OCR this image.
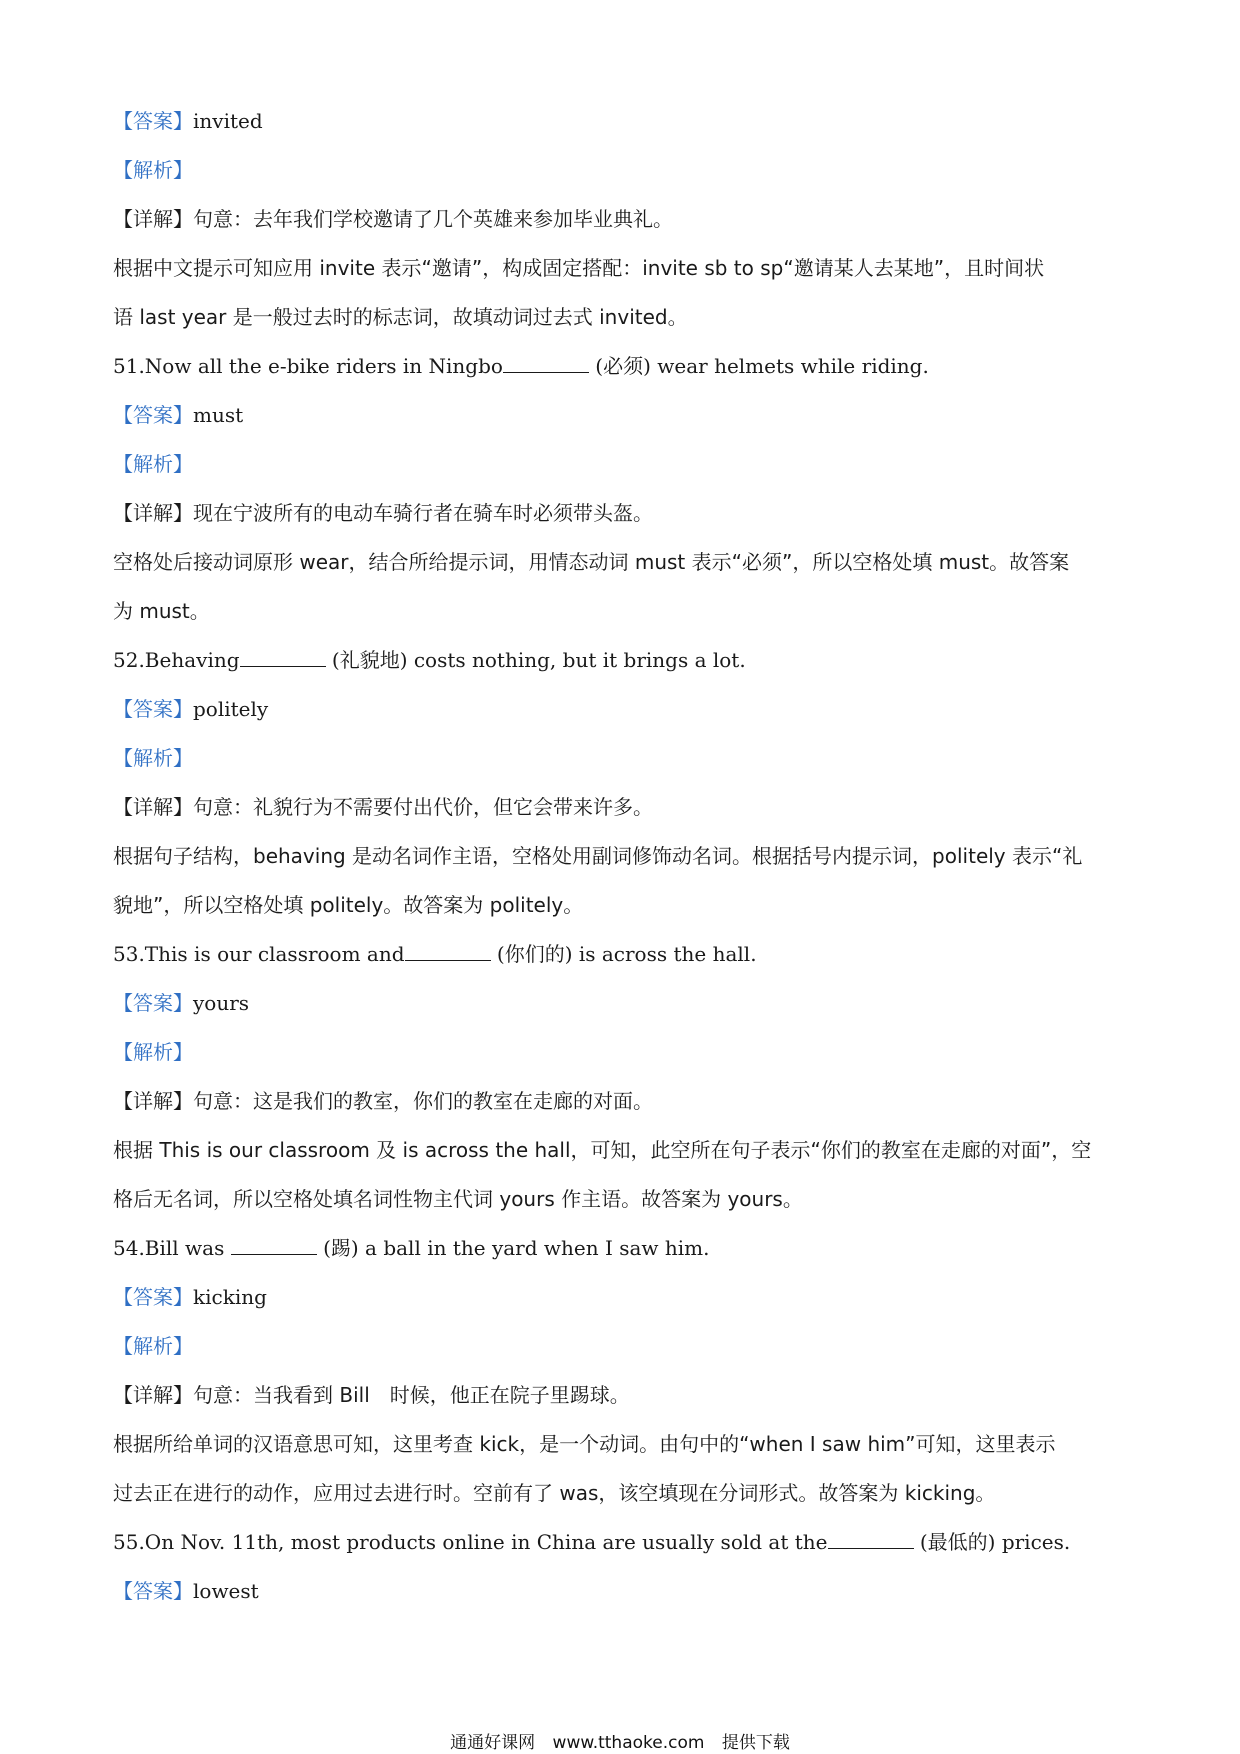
【答案】invited
【解析】
【详解】句意：去年我们学校邀请了几个英雄来参加毕业典礼。
根据中文提示可知应用 invite 表示“邀请”，构成固定搭配：invite sb to sp“邀请某人去某地”，且时间状
语 last year 是一般过去时的标志词，故填动词过去式 invited。
51.Now all the e-bike riders in Ningbo	(必须) wear helmets while riding.
【答案】must
【解析】
【详解】现在宁波所有的电动车骑行者在骑车时必须带头盔。
空格处后接动词原形 wear，结合所给提示词，用情态动词 must 表示“必须”，所以空格处填 must。故答案
为 must。
52.Behaving	(礼貌地) costs nothing, but it brings a lot.
【答案】politely
【解析】
【详解】句意：礼貌行为不需要付出代价，但它会带来许多。
根据句子结构，behaving 是动名词作主语，空格处用副词修饰动名词。根据括号内提示词，politely 表示“礼
貌地”，所以空格处填 politely。故答案为 politely。
53.This is our classroom and	(你们的) is across the hall.
【答案】yours
【解析】
【详解】句意：这是我们的教室，你们的教室在走廊的对面。
根据 This is our classroom 及 is across the hall，可知，此空所在句子表示“你们的教室在走廊的对面”，空
格后无名词，所以空格处填名词性物主代词 yours 作主语。故答案为 yours。
54.Bill was	(踢) a ball in the yard when I saw him.
【答案】kicking
【解析】
【详解】句意：当我看到 Bill　时候，他正在院子里踢球。
根据所给单词的汉语意思可知，这里考查 kick，是一个动词。由句中的“when I saw him”可知，这里表示
过去正在进行的动作，应用过去进行时。空前有了 was，该空填现在分词形式。故答案为 kicking。
55.On Nov. 11th, most products online in China are usually sold at the	(最低的) prices.
【答案】lowest
通通好课网 www.tthaoke.com 提供下载
